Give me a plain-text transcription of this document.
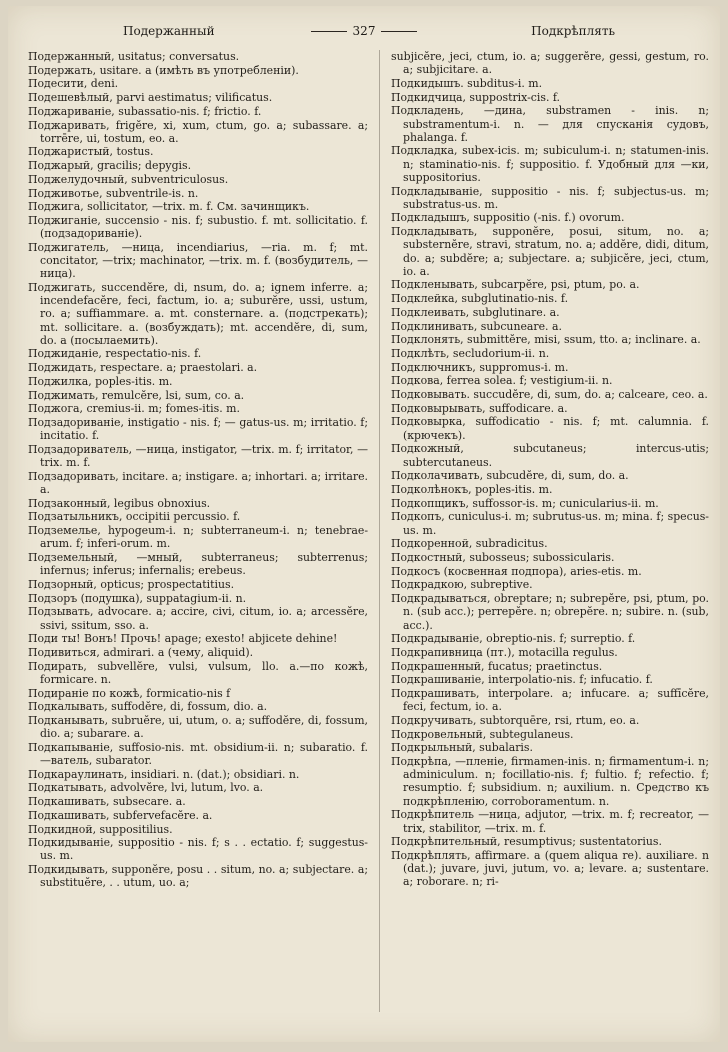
Подержанный	327	Подкрѣплять

Подержанный, usitatus; conversatus.

Подержать, usitare. a (имѣть въ употребленіи).

Подесити, deni.

Подешевѣлый, parvi aestimatus; vilificatus.

Поджариваніе, subassatio-nis. f; frictio. f.

Поджаривать, frigĕre, xi, xum, ctum, go. a; subassare. a; torrēre, ui, tostum, eo. a.

Поджаристый, tostus.

Поджарый, gracilis; depygis.

Поджелудочный, subventriculosus.

Подживотье, subventrile-is. n.

Поджига, sollicitator, —trix. m. f. См. зачинщикъ.

Поджиганіе, succensio - nis. f; subustio. f. mt. sollicitatio. f. (подзадориваніе).

Поджигатель, —ница, incendiarius, —ria. m. f; mt. concitator, —trix; machinator, —trix. m. f. (возбудитель, —ница).

Поджигать, succendĕre, di, nsum, do. a; ignem inferre. a; incendefacĕre, feci, factum, io. a; suburĕre, ussi, ustum, ro. a; suffiammare. a. mt. consternare. a. (подстрекать); mt. sollicitare. a. (возбуждать); mt. accendĕre, di, sum, do. a (посылаемить).

Поджиданіе, respectatio-nis. f.

Поджидать, respectare. a; praestolari. a.

Поджилка, poples-itis. m.

Поджимать, remulcĕre, lsi, sum, co. a.

Поджога, cremius-ii. m; fomes-itis. m.

Подзадориваніе, instigatio - nis. f; — gatus-us. m; irritatio. f; incitatio. f.

Подзадориватель, —ница, instigator, —trix. m. f; irritator, —trix. m. f.

Подзадоривать, incitare. a; instigare. a; inhortari. a; irritare. a.

Подзаконный, legibus obnoxius.

Подзатыльникъ, occipitii percussio. f.

Подземелье, hypogeum-i. n; subterraneum-i. n; tenebrae-arum. f; inferi-orum. m.

Подземельный, —мный, subterraneus; subterrenus; infernus; inferus; infernalis; erebeus.

Подзорный, opticus; prospectatitius.

Подзоръ (подушка), suppatagium-ii. n.

Подзывать, advocare. a; accire, civi, citum, io. a; arcessĕre, ssivi, ssitum, sso. a.

Поди ты! Вонъ! Прочь! apage; exesto! abjicete dehine!

Подивиться, admirari. a (чему, aliquid).

Подирать, subvellĕre, vulsi, vulsum, llo. a.—по кожѣ, formicare. n.

Подираніе по кожѣ, formicatio-nis f

Подкалывать, suffodĕre, di, fossum, dio. a.

Подканывать, subruĕre, ui, utum, o. a; suffodĕre, di, fossum, dio. a; subarare. a.

Подкапываніе, suffosio-nis. mt. obsidium-ii. n; subaratio. f. —ватель, subarator.

Подкараулинать, insidiari. n. (dat.); obsidiari. n.

Подкатывать, advolvĕre, lvi, lutum, lvo. a.

Подкашивать, subsecare. a.

Подкашивать, subfervefacĕre. a.

Подкидной, suppositilius.

Подкидываніе, suppositio - nis. f; s . . ectatio. f; suggestus-us. m.

Подкидывать, supponĕre, posu . . situm, no. a; subjectare. a; substituĕre, . . utum, uo. a;

subjicĕre, jeci, ctum, io. a; suggerĕre, gessi, gestum, ro. a; subjicitare. a.

Подкидышъ. subditus-i. m.

Подкидчица, suppostrix-cis. f.

Подкладень, —дина, substramen - inis. n; substramentum-i. n. — для спусканія судовъ, phalanga. f.

Подкладка, subex-icis. m; subiculum-i. n; statumen-inis. n; staminatio-nis. f; suppositio. f. Удобный для —ки, suppositorius.

Подкладываніе, suppositio - nis. f; subjectus-us. m; substratus-us. m.

Подкладышъ, suppositio (-nis. f.) ovorum.

Подкладывать, supponĕre, posui, situm, no. a; substernĕre, stravi, stratum, no. a; addĕre, didi, ditum, do. a; subdĕre; a; subjectare. a; subjicĕre, jeci, ctum, io. a.

Подкленывать, subcarpĕre, psi, ptum, po. a.

Подклейка, subglutinatio-nis. f.

Подклеивать, subglutinare. a.

Подклинивать, subcuneare. a.

Подклонять, submittĕre, misi, ssum, tto. a; inclinare. a.

Подклѣть, secludorium-ii. n.

Подключникъ, suppromus-i. m.

Подкова, ferrea solea. f; vestigium-ii. n.

Подковывать. succudĕre, di, sum, do. a; calceare, ceo. a.

Подковырывать, suffodicare. a.

Подковырка, suffodicatio - nis. f; mt. calumnia. f. (крючекъ).

Подкожный, subcutaneus; intercus-utis; subtercutaneus.

Подколачивать, subcudĕre, di, sum, do. a.

Подколѣнокъ, poples-itis. m.

Подкопщикъ, suffossor-is. m; cunicularius-ii. m.

Подкопъ, cuniculus-i. m; subrutus-us. m; mina. f; specus-us. m.

Подкоренной, subradicitus.

Подкостный, subosseus; subossicularis.

Подкосъ (косвенная подпора), aries-etis. m.

Подкрадкою, subreptive.

Подкрадываться, obreptare; n; subrepĕre, psi, ptum, po. n. (sub acc.); perrepĕre. n; obrepĕre. n; subire. n. (sub, acc.).

Подкрадываніе, obreptio-nis. f; surreptio. f.

Подкрапивница (пт.), motacilla regulus.

Подкрашенный, fucatus; praetinctus.

Подкрашиваніе, interpolatio-nis. f; infucatio. f.

Подкрашивать, interpolare. a; infucare. a; suffīcĕre, feci, fectum, io. a.

Подкручивать, subtorquēre, rsi, rtum, eo. a.

Подкровельный, subtegulaneus.

Подкрыльный, subalaris.

Подкрѣпа, —пленіе, firmamen-inis. n; firmamentum-i. n; adminiculum. n; focillatio-nis. f; fultio. f; refectio. f; resumptio. f; subsidium. n; auxilium. n. Средство къ подкрѣпленію, corroboramentum. n.

Подкрѣпитель —ница, adjutor, —trix. m. f; recreator, —trix, stabilitor, —trix. m. f.

Подкрѣпительный, resumptivus; sustentatorius.

Подкрѣплять, affirmare. a (quem aliqua re). auxiliare. n (dat.); juvare, juvi, jutum, vo. a; levare. a; sustentare. a; roborare. n; ri-
